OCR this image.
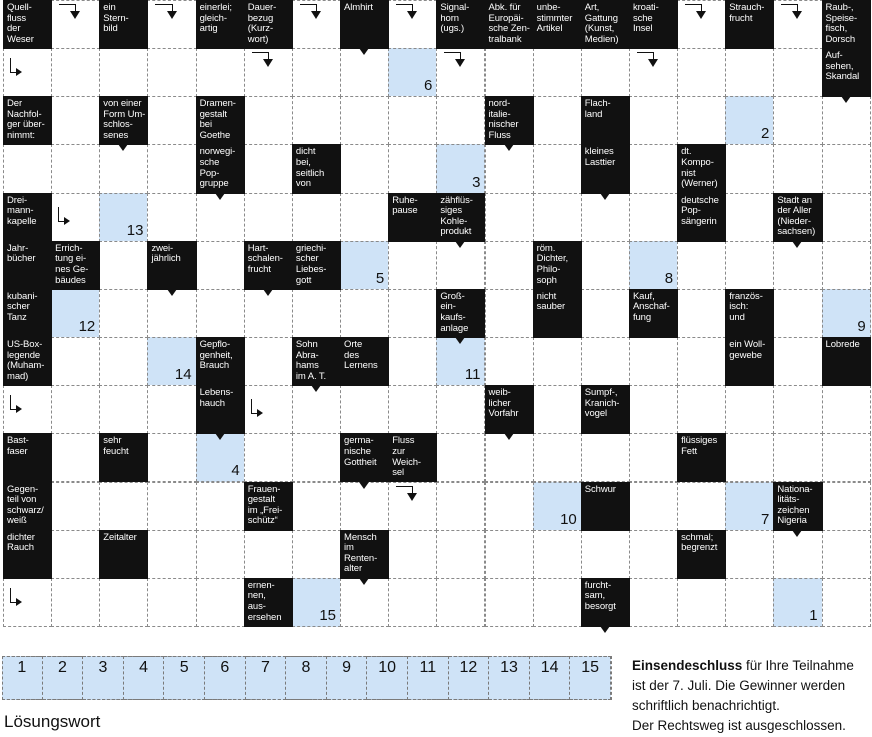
Quell-
fluss
der
Weser
ein
Stern-
bild
einerlei;
gleich-
artig
Dauer-
bezug
(Kurz-
wort)
Almhirt	Signal-
horn
(ugs.)
Abk. für
Europäi-
sche Zen-
tralbank
unbe-
stimmter
Artikel
Art,
Gattung
(Kunst,
Medien)
kroati-
sche
Insel
Strauch-
frucht
Raub-,
Speise-
fisch,
Dorsch
6
Auf-
sehen,
Skandal
Der Nachfol-
ger über-
nimmt:
von einer
Form Um-
schlos-
senes
Dramen-
gestalt
bei
Goethe
nord-
italie-
nischer
Fluss
Flach-
land
2
norwegi-
sche
Pop-
gruppe
dicht
bei,
seitlich
von	3
kleines
Lasttier
dt.
Kompo-
nist
(Werner)
Drei-
mann-
kapelle
13
Ruhe-
pause
zähflüs-
siges
Kohle-
produkt
deutsche
Pop-
sängerin
Stadt an
der Aller
(Nieder-
sachsen)
Jahr-
bücher
Errich-
tung ei-
nes Ge-
bäudes
zwei-
jährlich
Hart-
schalen-
frucht
griechi-
scher
Liebes-
gott	5
röm.
Dichter,
Philo-
soph	8
kubani-
scher
Tanz
12
Groß-
ein-
kaufs-
anlage
nicht
sauber
Kauf,
Anschaf-
fung
französ-
isch:
und
9
US-Box-
legende
(Muham-
mad)	14
Gepflo-
genheit,
Brauch
Sohn
Abra-
hams
im A. T.
Orte
des
Lernens
11
ein Woll-
gewebe
Lobrede
Lebens-
hauch
weib-
licher
Vorfahr
Sumpf-,
Kranich-
vogel
Bast-
faser
sehr
feucht
4
germa-
nische
Gottheit
Fluss
zur
Weich-
sel
flüssiges
Fett
Gegen-
teil von
schwarz/
weiß
Frauen-
gestalt
im „Frei-
schütz“	10
Schwur
7
Nationa-
litäts-
zeichen
Nigeria
dichter
Rauch
Zeitalter	Mensch
im
Renten-
alter
schmal;
begrenzt
ernen-
nen,
aus-
ersehen	15
furcht-
sam,
besorgt
1
1	2	3	4	5	6	7	8	9	10	11	12	13	14	15
Lösungswort
Einsendeschluss für Ihre Teilnahme
ist der 7. Juli. Die Gewinner werden
schriftlich benachrichtigt.
Der Rechtsweg ist ausgeschlossen.
